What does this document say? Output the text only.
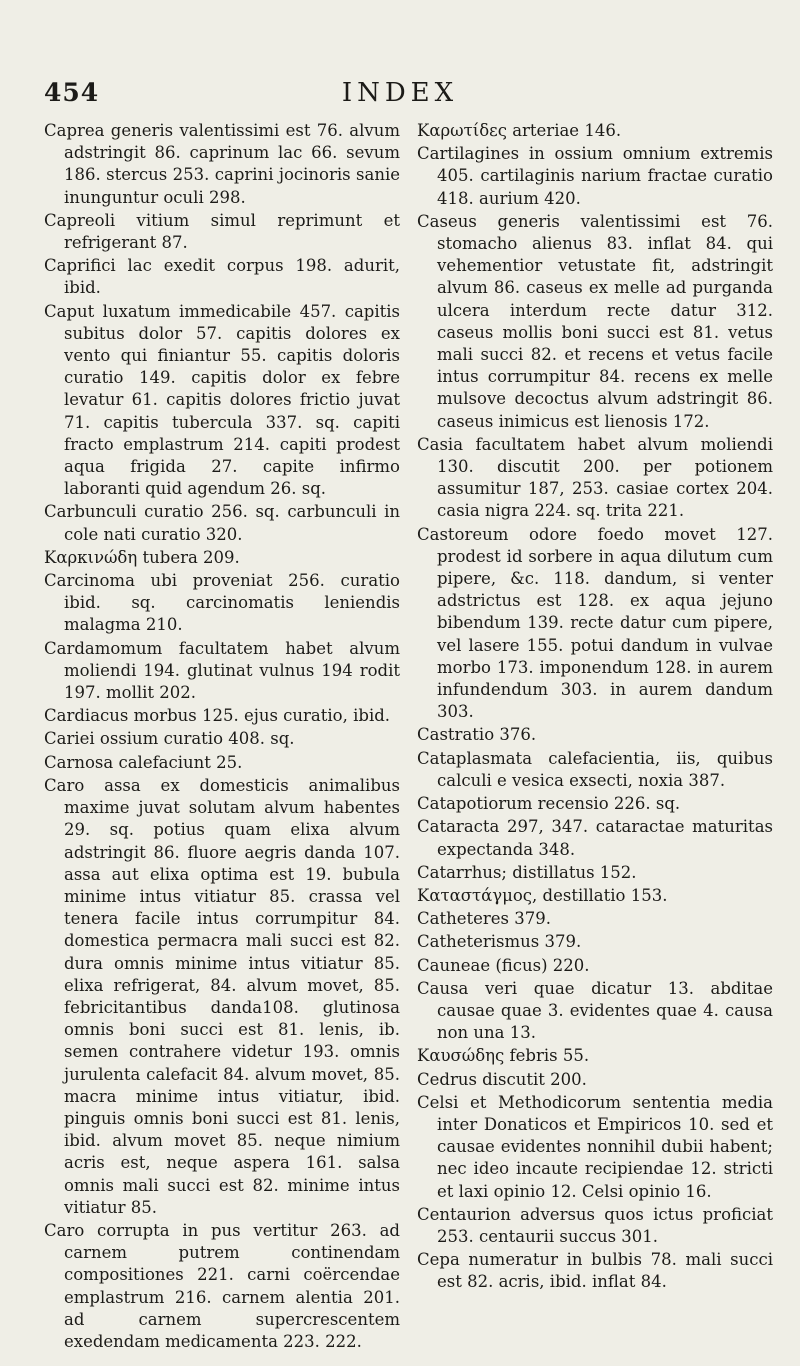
454	INDEX

Caprea generis valentissimi est 76. alvum adstringit 86. caprinum lac 66. sevum 186. stercus 253. caprini jocinoris sanie inunguntur oculi 298.

Capreoli vitium simul reprimunt et refrigerant 87.

Caprifici lac exedit corpus 198. adurit, ibid.

Caput luxatum immedicabile 457. capitis subitus dolor 57. capitis dolores ex vento qui finiantur 55. capitis doloris curatio 149. capitis dolor ex febre levatur 61. capitis dolores frictio juvat 71. capitis tubercula 337. sq. capiti fracto emplastrum 214. capiti prodest aqua frigida 27. capite infirmo laboranti quid agendum 26. sq.

Carbunculi curatio 256. sq. carbunculi in cole nati curatio 320.

Καρκινώδη tubera 209.

Carcinoma ubi proveniat 256. curatio ibid. sq. carcinomatis leniendis malagma 210.

Cardamomum facultatem habet alvum moliendi 194. glutinat vulnus 194 rodit 197. mollit 202.

Cardiacus morbus 125. ejus curatio, ibid.

Cariei ossium curatio 408. sq.

Carnosa calefaciunt 25.

Caro assa ex domesticis animalibus maxime juvat solutam alvum habentes 29. sq. potius quam elixa alvum adstringit 86. fluore aegris danda 107. assa aut elixa optima est 19. bubula minime intus vitiatur 85. crassa vel tenera facile intus corrumpitur 84. domestica permacra mali succi est 82. dura omnis minime intus vitiatur 85. elixa refrigerat, 84. alvum movet, 85. febricitantibus danda108. glutinosa omnis boni succi est 81. lenis, ib. semen contrahere videtur 193. omnis jurulenta calefacit 84. alvum movet, 85. macra minime intus vitiatur, ibid. pinguis omnis boni succi est 81. lenis, ibid. alvum movet 85. neque nimium acris est, neque aspera 161. salsa omnis mali succi est 82. minime intus vitiatur 85.

Caro corrupta in pus vertitur 263. ad carnem putrem continendam compositiones 221. carni coërcendae emplastrum 216. carnem alentia 201. ad carnem supercrescentem exedendam medicamenta 223. 222.

Καρωτίδες arteriae 146.

Cartilagines in ossium omnium extremis 405. cartilaginis narium fractae curatio 418. aurium 420.

Caseus generis valentissimi est 76. stomacho alienus 83. inflat 84. qui vehementior vetustate fit, adstringit alvum 86. caseus ex melle ad purganda ulcera interdum recte datur 312. caseus mollis boni succi est 81. vetus mali succi 82. et recens et vetus facile intus corrumpitur 84. recens ex melle mulsove decoctus alvum adstringit 86. caseus inimicus est lienosis 172.

Casia facultatem habet alvum moliendi 130. discutit 200. per potionem assumitur 187, 253. casiae cortex 204. casia nigra 224. sq. trita 221.

Castoreum odore foedo movet 127. prodest id sorbere in aqua dilutum cum pipere, &c. 118. dandum, si venter adstrictus est 128. ex aqua jejuno bibendum 139. recte datur cum pipere, vel lasere 155. potui dandum in vulvae morbo 173. imponendum 128. in aurem infundendum 303. in aurem dandum 303.

Castratio 376.

Cataplasmata calefacientia, iis, quibus calculi e vesica exsecti, noxia 387.

Catapotiorum recensio 226. sq.

Cataracta 297, 347. cataractae maturitas expectanda 348.

Catarrhus; distillatus 152.

Καταστάγμος, destillatio 153.

Catheteres 379.

Catheterismus 379.

Cauneae (ficus) 220.

Causa veri quae dicatur 13. abditae causae quae 3. evidentes quae 4. causa non una 13.

Καυσώδης febris 55.

Cedrus discutit 200.

Celsi et Methodicorum sententia media inter Donaticos et Empiricos 10. sed et causae evidentes nonnihil dubii habent; nec ideo incaute recipiendae 12. stricti et laxi opinio 12. Celsi opinio 16.

Centaurion adversus quos ictus proficiat 253. centaurii succus 301.

Cepa numeratur in bulbis 78. mali succi est 82. acris, ibid. inflat 84.
